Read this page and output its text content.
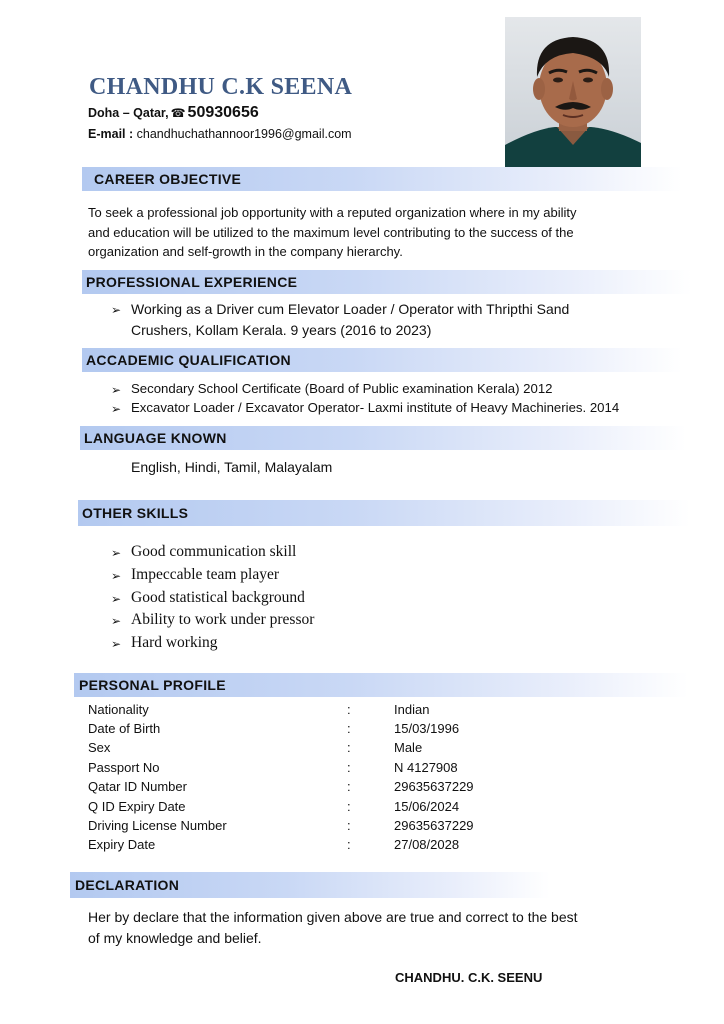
CHANDHU C.K SEENA
Doha – Qatar, ☎ 50930656
E-mail : chandhuchathannoor1996@gmail.com
CAREER OBJECTIVE
To seek a professional job opportunity with a reputed organization where in my ability
and education will be utilized to the maximum level contributing to the success of the
organization and self-growth in the company hierarchy.
PROFESSIONAL EXPERIENCE
➢ Working as a Driver cum Elevator Loader / Operator with Thripthi Sand
Crushers, Kollam Kerala. 9 years (2016 to 2023)
ACCADEMIC QUALIFICATION
➢ Secondary School Certificate (Board of Public examination Kerala) 2012
➢ Excavator Loader / Excavator Operator- Laxmi institute of Heavy Machineries. 2014
LANGUAGE KNOWN
English, Hindi, Tamil, Malayalam
OTHER SKILLS
➢ Good communication skill
➢ Impeccable team player
➢ Good statistical background
➢ Ability to work under pressor
➢ Hard working
PERSONAL PROFILE
Nationality	:	Indian
Date of Birth	:	15/03/1996
Sex	:	Male
Passport No	:	N 4127908
Qatar ID Number	:	29635637229
Q ID Expiry Date	:	15/06/2024
Driving License Number	:	29635637229
Expiry Date	:	27/08/2028
DECLARATION
Her by declare that the information given above are true and correct to the best
of my knowledge and belief.
CHANDHU. C.K. SEENU
